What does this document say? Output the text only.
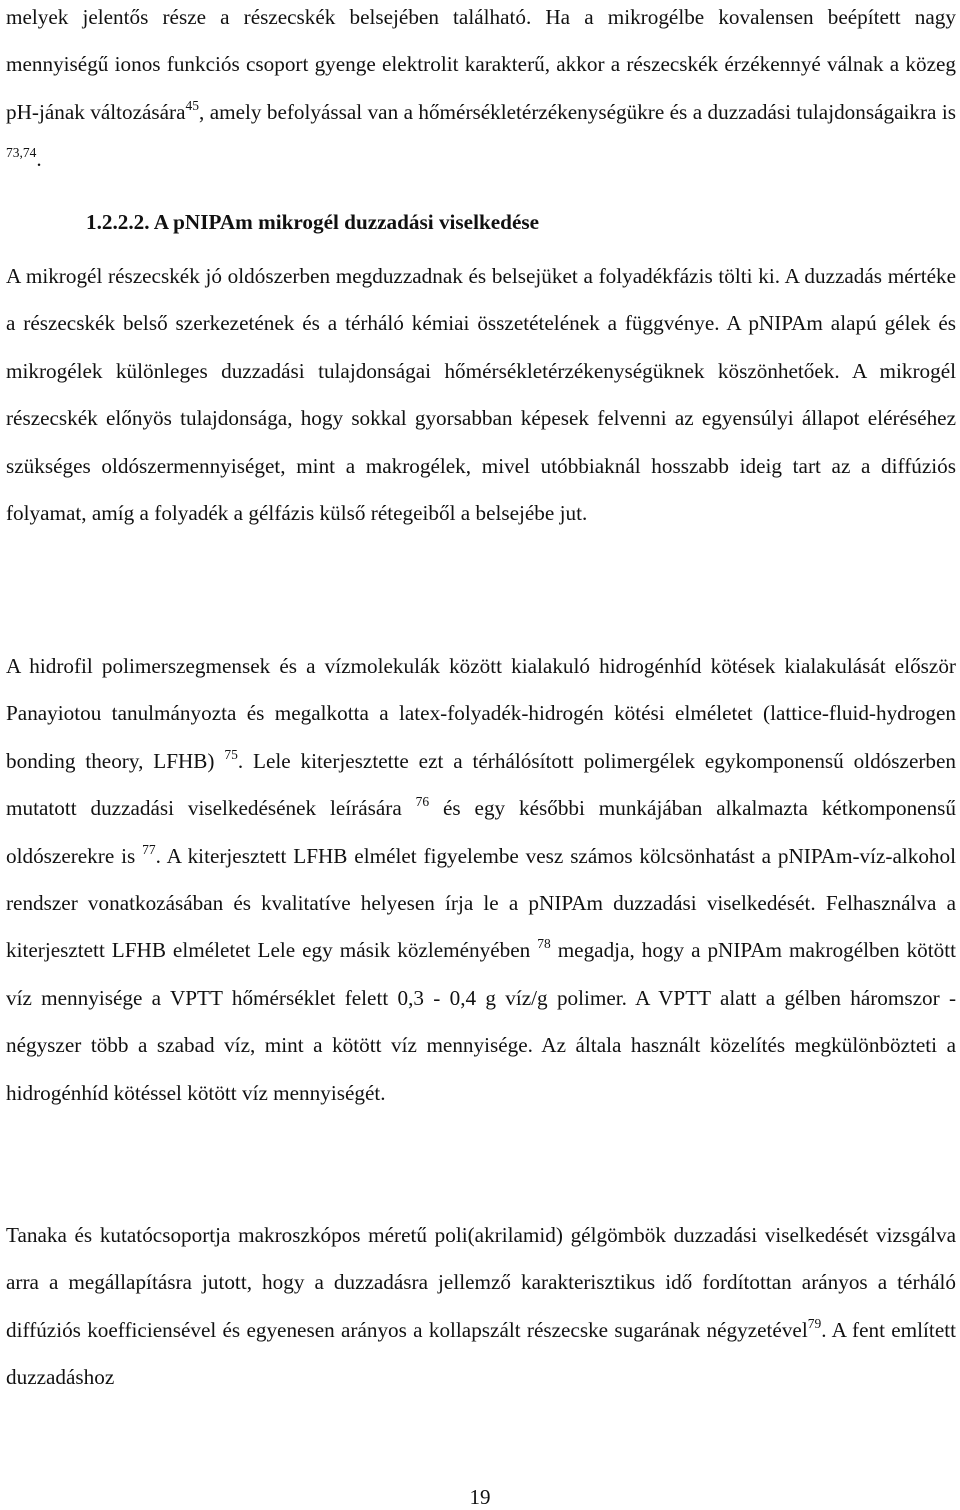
melyek jelentős része a részecskék belsejében található. Ha a mikrogélbe kovalensen beépített nagy mennyiségű ionos funkciós csoport gyenge elektrolit karakterű, akkor a részecskék érzékennyé válnak a közeg pH-jának változására$^{45}$, amely befolyással van a hőmérsékletérzékenységükre és a duzzadási tulajdonságaikra is $^{73,74}$.

1.2.2.2. A pNIPAm mikrogél duzzadási viselkedése

A mikrogél részecskék jó oldószerben megduzzadnak és belsejüket a folyadékfázis tölti ki. A duzzadás mértéke a részecskék belső szerkezetének és a térháló kémiai összetételének a függvénye. A pNIPAm alapú gélek és mikrogélek különleges duzzadási tulajdonságai hőmérsékletérzékenységüknek köszönhetőek. A mikrogél részecskék előnyös tulajdonsága, hogy sokkal gyorsabban képesek felvenni az egyensúlyi állapot eléréséhez szükséges oldószermennyiséget, mint a makrogélek, mivel utóbbiaknál hosszabb ideig tart az a diffúziós folyamat, amíg a folyadék a gélfázis külső rétegeiből a belsejébe jut.

A hidrofil polimerszegmensek és a vízmolekulák között kialakuló hidrogénhíd kötések kialakulását először Panayiotou tanulmányozta és megalkotta a latex-folyadék-hidrogén kötési elméletet (lattice-fluid-hydrogen bonding theory, LFHB) $^{75}$. Lele kiterjesztette ezt a térhálósított polimergélek egykomponensű oldószerben mutatott duzzadási viselkedésének leírására $^{76}$ és egy későbbi munkájában alkalmazta kétkomponensű oldószerekre is $^{77}$. A kiterjesztett LFHB elmélet figyelembe vesz számos kölcsönhatást a pNIPAm-víz-alkohol rendszer vonatkozásában és kvalitatíve helyesen írja le a pNIPAm duzzadási viselkedését. Felhasználva a kiterjesztett LFHB elméletet Lele egy másik közleményében $^{78}$ megadja, hogy a pNIPAm makrogélben kötött víz mennyisége a VPTT hőmérséklet felett 0,3 - 0,4 g víz/g polimer. A VPTT alatt a gélben háromszor - négyszer több a szabad víz, mint a kötött víz mennyisége. Az általa használt közelítés megkülönbözteti a hidrogénhíd kötéssel kötött víz mennyiségét.

Tanaka és kutatócsoportja makroszkópos méretű poli(akrilamid) gélgömbök duzzadási viselkedését vizsgálva arra a megállapításra jutott, hogy a duzzadásra jellemző karakterisztikus idő fordítottan arányos a térháló diffúziós koefficiensével és egyenesen arányos a kollapszált részecske sugarának négyzetével$^{79}$. A fent említett duzzadáshoz

19
